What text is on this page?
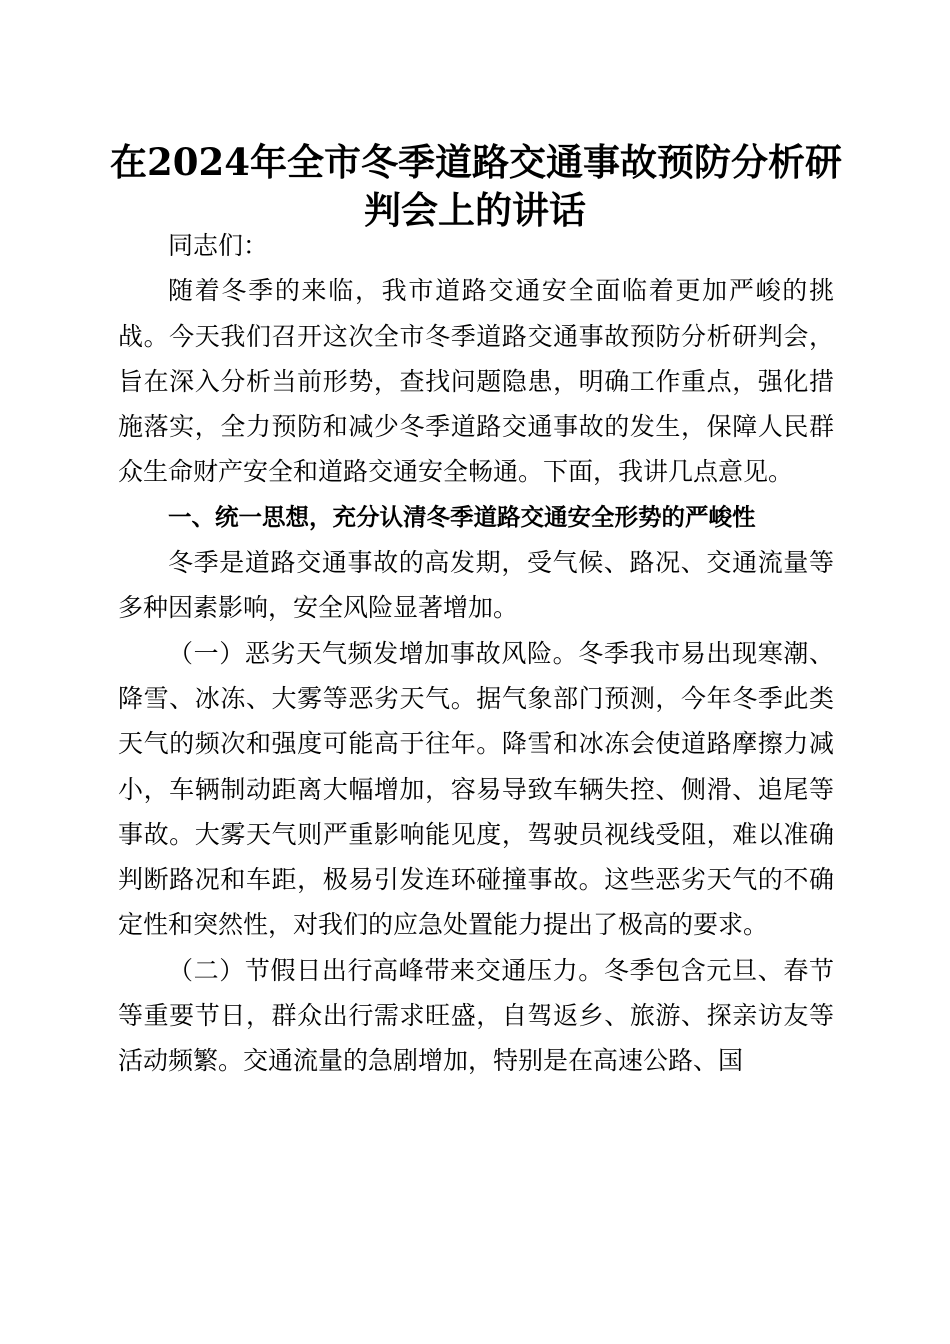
在2024年全市冬季道路交通事故预防分析研
判会上的讲话

同志们：

随着冬季的来临，我市道路交通安全面临着更加严峻的挑战。今天我们召开这次全市冬季道路交通事故预防分析研判会，旨在深入分析当前形势，查找问题隐患，明确工作重点，强化措施落实，全力预防和减少冬季道路交通事故的发生，保障人民群众生命财产安全和道路交通安全畅通。下面，我讲几点意见。

一、统一思想，充分认清冬季道路交通安全形势的严峻性

冬季是道路交通事故的高发期，受气候、路况、交通流量等多种因素影响，安全风险显著增加。

（一）恶劣天气频发增加事故风险。冬季我市易出现寒潮、降雪、冰冻、大雾等恶劣天气。据气象部门预测，今年冬季此类天气的频次和强度可能高于往年。降雪和冰冻会使道路摩擦力减小，车辆制动距离大幅增加，容易导致车辆失控、侧滑、追尾等事故。大雾天气则严重影响能见度，驾驶员视线受阻，难以准确判断路况和车距，极易引发连环碰撞事故。这些恶劣天气的不确定性和突然性，对我们的应急处置能力提出了极高的要求。

（二）节假日出行高峰带来交通压力。冬季包含元旦、春节等重要节日，群众出行需求旺盛，自驾返乡、旅游、探亲访友等活动频繁。交通流量的急剧增加，特别是在高速公路、国
